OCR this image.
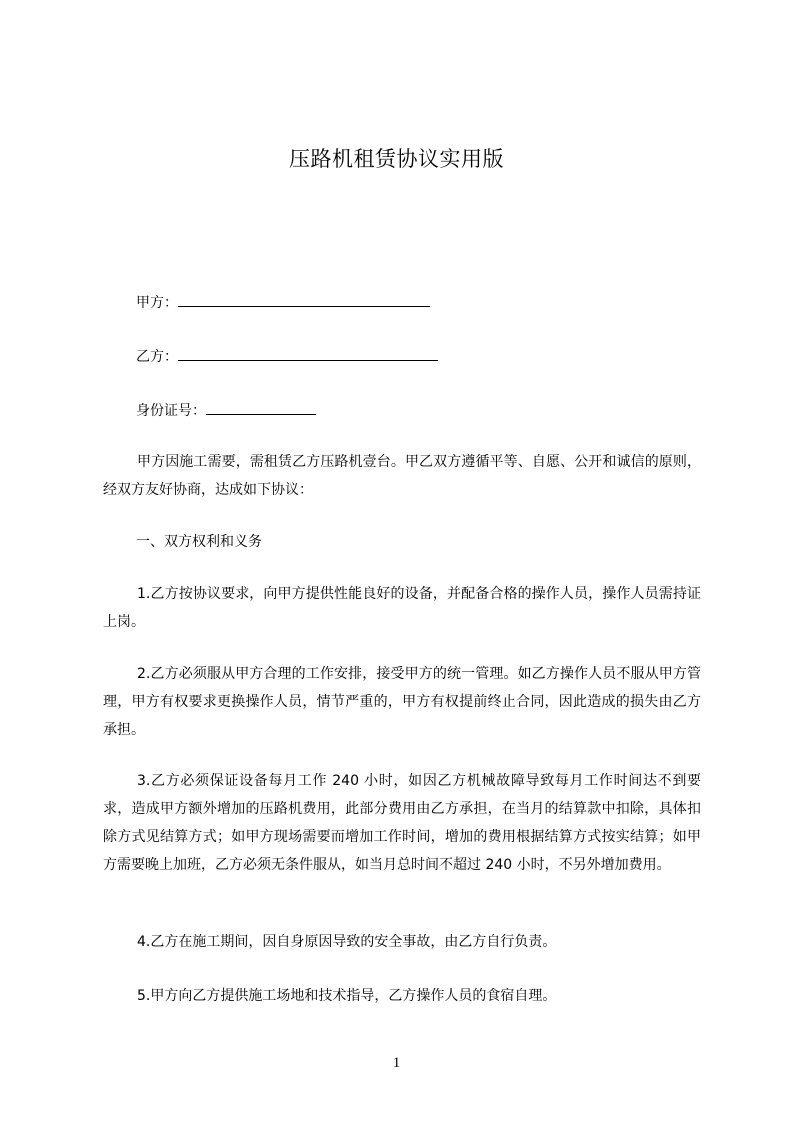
压路机租赁协议实用版
甲方：
乙方：
身份证号：
甲方因施工需要，需租赁乙方压路机壹台。甲乙双方遵循平等、自愿、公开和诚信的原则，经双方友好协商，达成如下协议：
一、双方权利和义务
1.乙方按协议要求，向甲方提供性能良好的设备，并配备合格的操作人员，操作人员需持证上岗。
2.乙方必须服从甲方合理的工作安排，接受甲方的统一管理。如乙方操作人员不服从甲方管理，甲方有权要求更换操作人员，情节严重的，甲方有权提前终止合同，因此造成的损失由乙方承担。
3.乙方必须保证设备每月工作 240 小时，如因乙方机械故障导致每月工作时间达不到要求，造成甲方额外增加的压路机费用，此部分费用由乙方承担，在当月的结算款中扣除，具体扣除方式见结算方式；如甲方现场需要而增加工作时间，增加的费用根据结算方式按实结算；如甲方需要晚上加班，乙方必须无条件服从，如当月总时间不超过 240 小时，不另外增加费用。
4.乙方在施工期间，因自身原因导致的安全事故，由乙方自行负责。
5.甲方向乙方提供施工场地和技术指导，乙方操作人员的食宿自理。
1
